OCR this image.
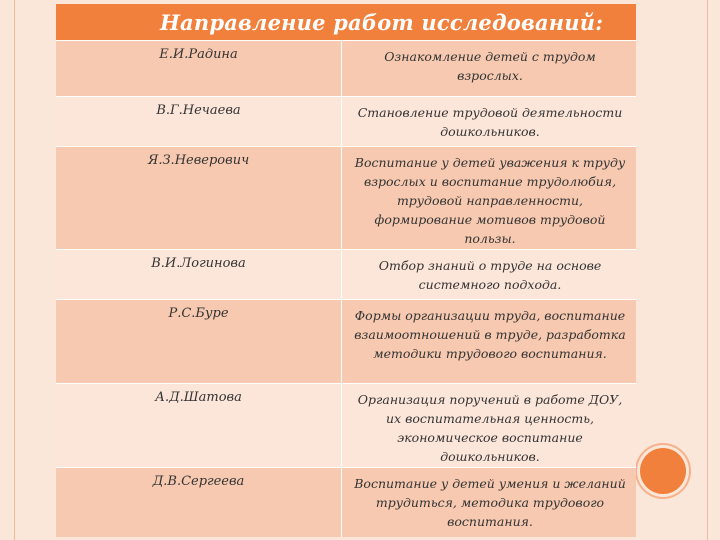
Направление работ исследований:
Е.И.Радина	Ознакомление детей с трудом взрослых.
В.Г.Нечаева	Становление трудовой деятельности дошкольников.
Я.З.Неверович	Воспитание у детей уважения к труду взрослых и воспитание трудолюбия, трудовой направленности, формирование мотивов трудовой пользы.
В.И.Логинова	Отбор знаний о труде на основе системного подхода.
Р.С.Буре	Формы организации труда, воспитание взаимоотношений в труде, разработка методики трудового воспитания.
А.Д.Шатова	Организация поручений в работе ДОУ, их воспитательная ценность, экономическое воспитание дошкольников.
Д.В.Сергеева	Воспитание у детей умения и желаний трудиться, методика трудового воспитания.
